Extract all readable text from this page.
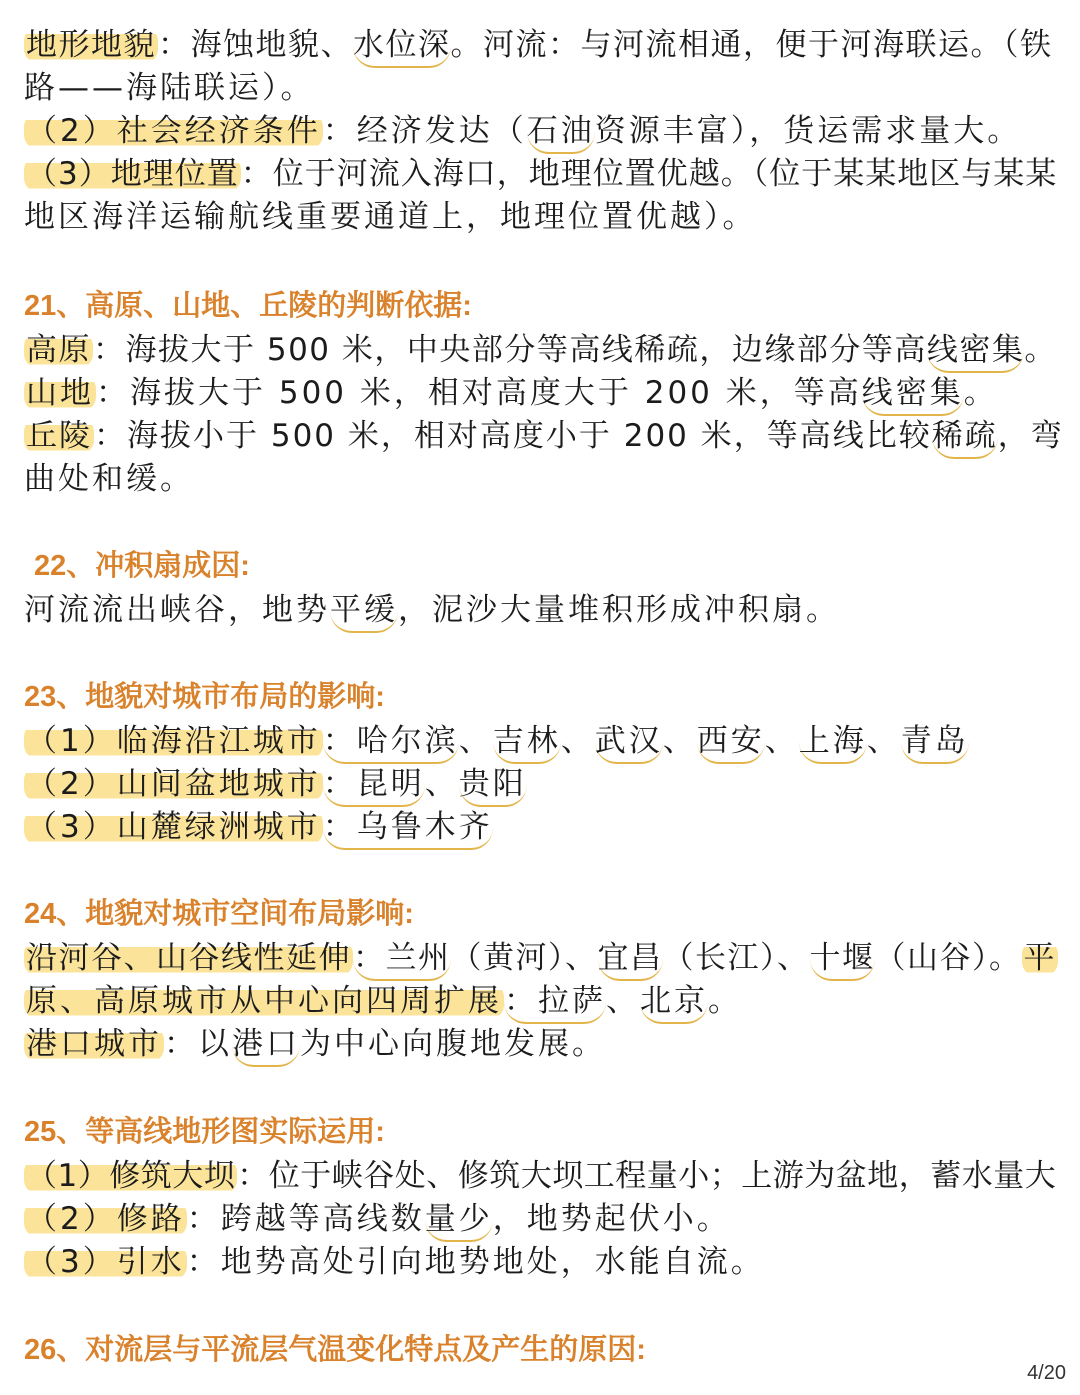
地形地貌：海蚀地貌、水位深。河流：与河流相通，便于河海联运。（铁
路——海陆联运）。
（2）社会经济条件：经济发达（石油资源丰富），货运需求量大。
（3）地理位置：位于河流入海口，地理位置优越。（位于某某地区与某某
地区海洋运输航线重要通道上，地理位置优越）。
21、高原、山地、丘陵的判断依据:
高原：海拔大于 500 米，中央部分等高线稀疏，边缘部分等高线密集。
山地：海拔大于 500 米，相对高度大于 200 米，等高线密集。
丘陵：海拔小于 500 米，相对高度小于 200 米，等高线比较稀疏，弯
曲处和缓。
22、冲积扇成因:
河流流出峡谷，地势平缓，泥沙大量堆积形成冲积扇。
23、地貌对城市布局的影响:
（1）临海沿江城市：哈尔滨、吉林、武汉、西安、上海、青岛
（2）山间盆地城市：昆明、贵阳
（3）山麓绿洲城市：乌鲁木齐
24、地貌对城市空间布局影响:
沿河谷、山谷线性延伸：兰州（黄河）、宜昌（长江）、十堰（山谷）。平
原、高原城市从中心向四周扩展：拉萨、北京。
港口城市：以港口为中心向腹地发展。
25、等高线地形图实际运用:
（1）修筑大坝：位于峡谷处、修筑大坝工程量小；上游为盆地，蓄水量大
（2）修路：跨越等高线数量少，地势起伏小。
（3）引水：地势高处引向地势地处，水能自流。
26、对流层与平流层气温变化特点及产生的原因:
4/20
